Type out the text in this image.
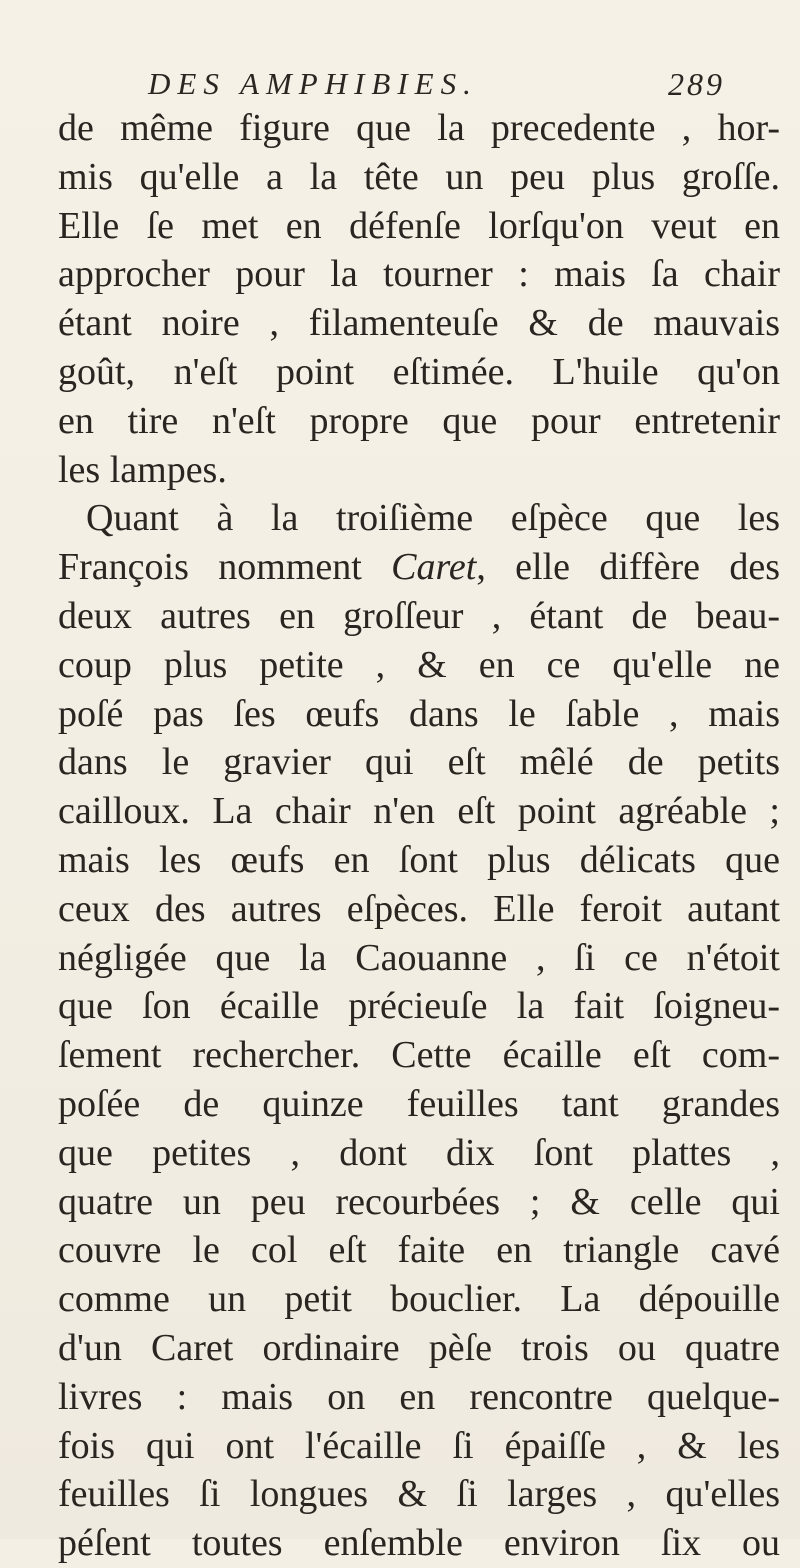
DES AMPHIBIES.	289
de même figure que la precedente , hor-
mis qu'elle a la tête un peu plus groſſe.
Elle ſe met en défenſe lorſqu'on veut en
approcher pour la tourner : mais ſa chair
étant noire , filamenteuſe & de mauvais
goût, n'eſt point eſtimée. L'huile qu'on
en tire n'eſt propre que pour entretenir
les lampes.
Quant à la troiſième eſpèce que les
François nomment Caret, elle diffère des
deux autres en groſſeur , étant de beau-
coup plus petite , & en ce qu'elle ne
poſé pas ſes œufs dans le ſable , mais
dans le gravier qui eſt mêlé de petits
cailloux. La chair n'en eſt point agréable ;
mais les œufs en ſont plus délicats que
ceux des autres eſpèces. Elle feroit autant
négligée que la Caouanne , ſi ce n'étoit
que ſon écaille précieuſe la fait ſoigneu-
ſement rechercher. Cette écaille eſt com-
poſée de quinze feuilles tant grandes
que petites , dont dix ſont plattes ,
quatre un peu recourbées ; & celle qui
couvre le col eſt faite en triangle cavé
comme un petit bouclier. La dépouille
d'un Caret ordinaire pèſe trois ou quatre
livres : mais on en rencontre quelque-
fois qui ont l'écaille ſi épaiſſe , & les
feuilles ſi longues & ſi larges , qu'elles
péſent toutes enſemble environ ſix ou
